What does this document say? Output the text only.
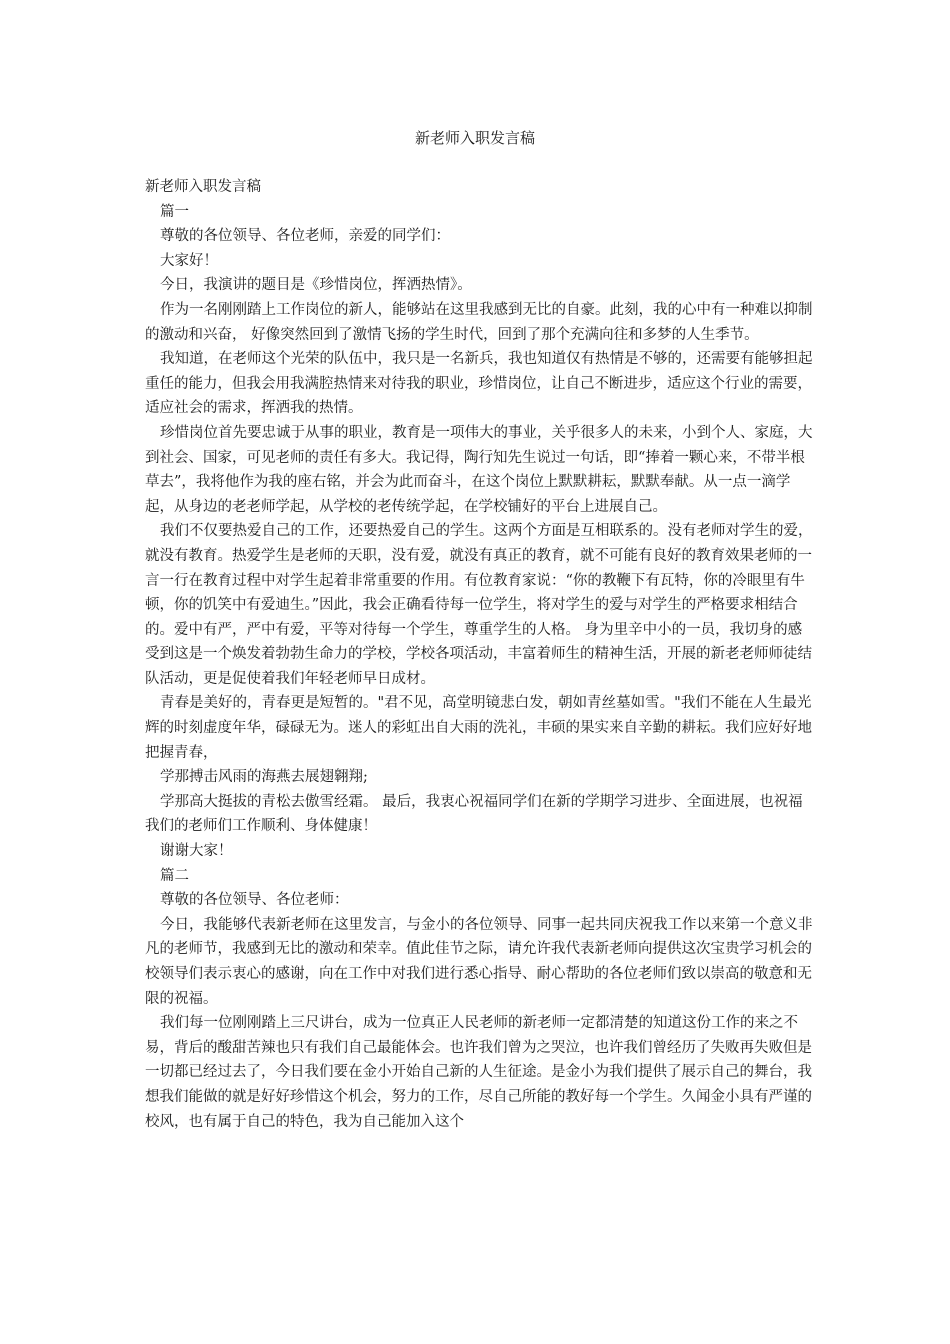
新老师入职发言稿

新老师入职发言稿

篇一

尊敬的各位领导、各位老师，亲爱的同学们：

大家好！

今日，我演讲的题目是《珍惜岗位，挥洒热情》。

作为一名刚刚踏上工作岗位的新人，能够站在这里我感到无比的自豪。此刻，我的心中有一种难以抑制的激动和兴奋， 好像突然回到了激情飞扬的学生时代，回到了那个充满向往和多梦的人生季节。

我知道，在老师这个光荣的队伍中，我只是一名新兵，我也知道仅有热情是不够的，还需要有能够担起重任的能力，但我会用我满腔热情来对待我的职业，珍惜岗位，让自己不断进步，适应这个行业的需要，适应社会的需求，挥洒我的热情。

珍惜岗位首先要忠诚于从事的职业，教育是一项伟大的事业，关乎很多人的未来，小到个人、家庭，大到社会、国家，可见老师的责任有多大。我记得，陶行知先生说过一句话，即“捧着一颗心来，不带半根草去”，我将他作为我的座右铭，并会为此而奋斗，在这个岗位上默默耕耘，默默奉献。从一点一滴学起，从身边的老老师学起，从学校的老传统学起，在学校铺好的平台上进展自己。

我们不仅要热爱自己的工作，还要热爱自己的学生。这两个方面是互相联系的。没有老师对学生的爱，就没有教育。热爱学生是老师的天职，没有爱，就没有真正的教育，就不可能有良好的教育效果老师的一言一行在教育过程中对学生起着非常重要的作用。有位教育家说：“你的教鞭下有瓦特，你的冷眼里有牛顿，你的饥笑中有爱迪生。”因此，我会正确看待每一位学生，将对学生的爱与对学生的严格要求相结合的。爱中有严，严中有爱，平等对待每一个学生，尊重学生的人格。 身为里辛中小的一员，我切身的感受到这是一个焕发着勃勃生命力的学校，学校各项活动，丰富着师生的精神生活，开展的新老老师师徒结队活动，更是促使着我们年轻老师早日成材。

青春是美好的，青春更是短暂的。"君不见，高堂明镜悲白发，朝如青丝墓如雪。"我们不能在人生最光辉的时刻虚度年华，碌碌无为。迷人的彩虹出自大雨的洗礼，丰硕的果实来自辛勤的耕耘。我们应好好地把握青春，

学那搏击风雨的海燕去展翅翱翔;

学那高大挺拔的青松去傲雪经霜。 最后，我衷心祝福同学们在新的学期学习进步、全面进展，也祝福我们的老师们工作顺利、身体健康！

谢谢大家！

篇二

尊敬的各位领导、各位老师：

今日，我能够代表新老师在这里发言，与金小的各位领导、同事一起共同庆祝我工作以来第一个意义非凡的老师节，我感到无比的激动和荣幸。值此佳节之际，请允许我代表新老师向提供这次宝贵学习机会的校领导们表示衷心的感谢，向在工作中对我们进行悉心指导、耐心帮助的各位老师们致以崇高的敬意和无限的祝福。

我们每一位刚刚踏上三尺讲台，成为一位真正人民老师的新老师一定都清楚的知道这份工作的来之不易，背后的酸甜苦辣也只有我们自己最能体会。也许我们曾为之哭泣，也许我们曾经历了失败再失败但是一切都已经过去了，今日我们要在金小开始自己新的人生征途。是金小为我们提供了展示自己的舞台，我想我们能做的就是好好珍惜这个机会，努力的工作，尽自己所能的教好每一个学生。久闻金小具有严谨的校风，也有属于自己的特色，我为自己能加入这个
